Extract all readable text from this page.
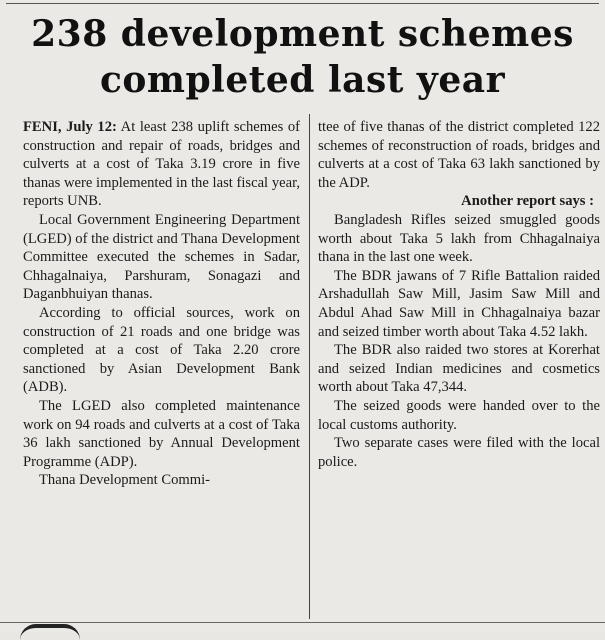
238 development schemes
completed last year

FENI, July 12: At least 238 uplift schemes of construction and repair of roads, bridges and culverts at a cost of Taka 3.19 crore in five thanas were implemented in the last fiscal year, reports UNB.

Local Government Engineering Department (LGED) of the district and Thana Development Committee executed the schemes in Sadar, Chhagalnaiya, Parshuram, Sonagazi and Daganbhuiyan thanas.

According to official sources, work on construction of 21 roads and one bridge was completed at a cost of Taka 2.20 crore sanctioned by Asian Development Bank (ADB).

The LGED also completed maintenance work on 94 roads and culverts at a cost of Taka 36 lakh sanctioned by Annual Development Programme (ADP).

Thana Development Commi-

ttee of five thanas of the district completed 122 schemes of reconstruction of roads, bridges and culverts at a cost of Taka 63 lakh sanctioned by the ADP.

Another report says :

Bangladesh Rifles seized smuggled goods worth about Taka 5 lakh from Chhagalnaiya thana in the last one week.

The BDR jawans of 7 Rifle Battalion raided Arshadullah Saw Mill, Jasim Saw Mill and Abdul Ahad Saw Mill in Chhagalnaiya bazar and seized timber worth about Taka 4.52 lakh.

The BDR also raided two stores at Korerhat and seized Indian medicines and cosmetics worth about Taka 47,344.

The seized goods were handed over to the local customs authority.

Two separate cases were filed with the local police.
